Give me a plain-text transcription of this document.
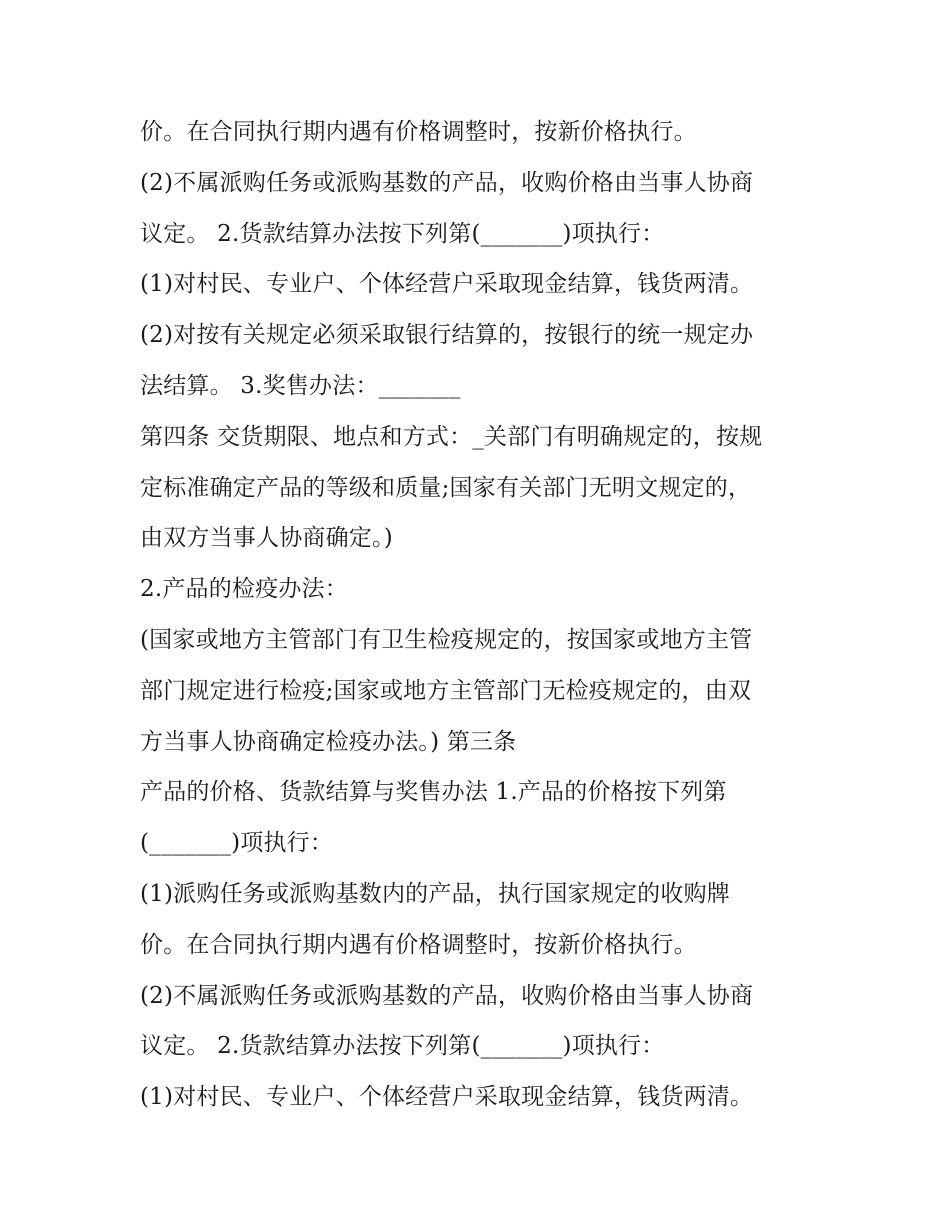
价。在合同执行期内遇有价格调整时，按新价格执行。
(2)不属派购任务或派购基数的产品，收购价格由当事人协商
议定。 2.货款结算办法按下列第(_______)项执行：
(1)对村民、专业户、个体经营户采取现金结算，钱货两清。
(2)对按有关规定必须采取银行结算的，按银行的统一规定办
法结算。 3.奖售办法：_______
第四条 交货期限、地点和方式：_关部门有明确规定的，按规
定标准确定产品的等级和质量;国家有关部门无明文规定的，
由双方当事人协商确定。)
2.产品的检疫办法：
(国家或地方主管部门有卫生检疫规定的，按国家或地方主管
部门规定进行检疫;国家或地方主管部门无检疫规定的，由双
方当事人协商确定检疫办法。) 第三条
产品的价格、货款结算与奖售办法 1.产品的价格按下列第
(_______)项执行：
(1)派购任务或派购基数内的产品，执行国家规定的收购牌
价。在合同执行期内遇有价格调整时，按新价格执行。
(2)不属派购任务或派购基数的产品，收购价格由当事人协商
议定。 2.货款结算办法按下列第(_______)项执行：
(1)对村民、专业户、个体经营户采取现金结算，钱货两清。
